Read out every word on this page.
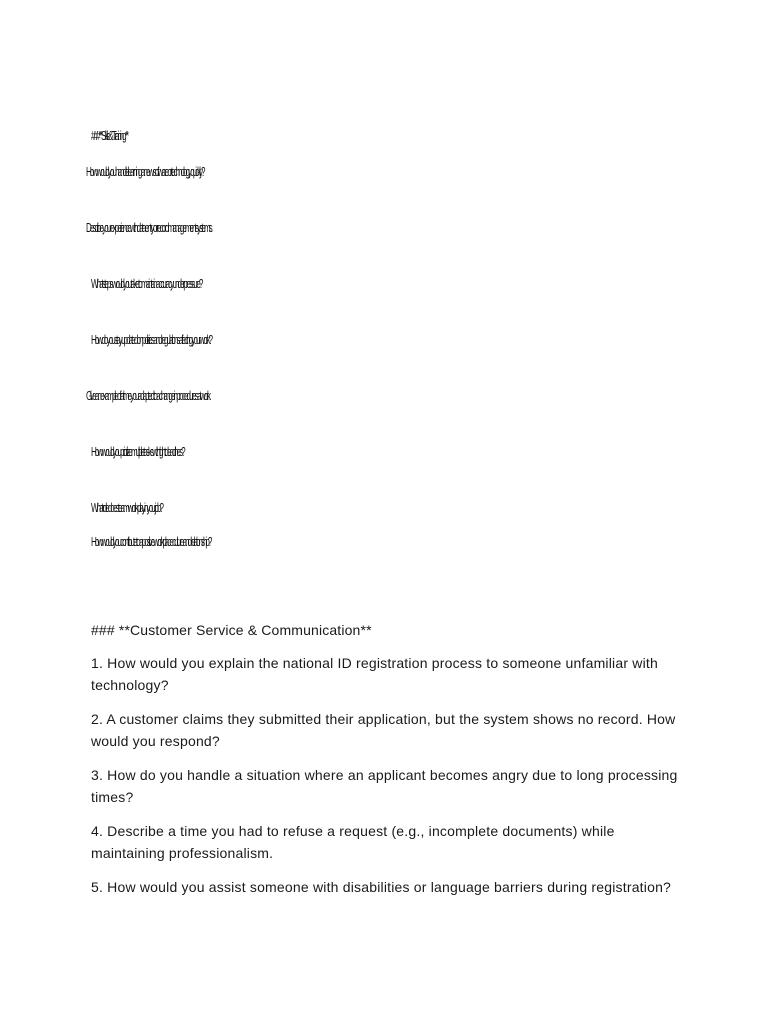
### **Skills & Training**
How would you handle learning a new software or technology quickly?
Describe your experience with data entry or record management systems.
What steps would you take to maintain accuracy under pressure?
How do you stay updated on policies and regulations affecting your work?
Give an example of a time you adapted to a change in procedures at work.
How would you prioritize multiple tasks with tight deadlines?
What role does teamwork play in your job?
How would you contribute to a positive workplace culture and relationship?
### **Customer Service & Communication**
1. How would you explain the national ID registration process to someone unfamiliar with technology?
2. A customer claims they submitted their application, but the system shows no record. How would you respond?
3. How do you handle a situation where an applicant becomes angry due to long processing times?
4. Describe a time you had to refuse a request (e.g., incomplete documents) while maintaining professionalism.
5. How would you assist someone with disabilities or language barriers during registration?
